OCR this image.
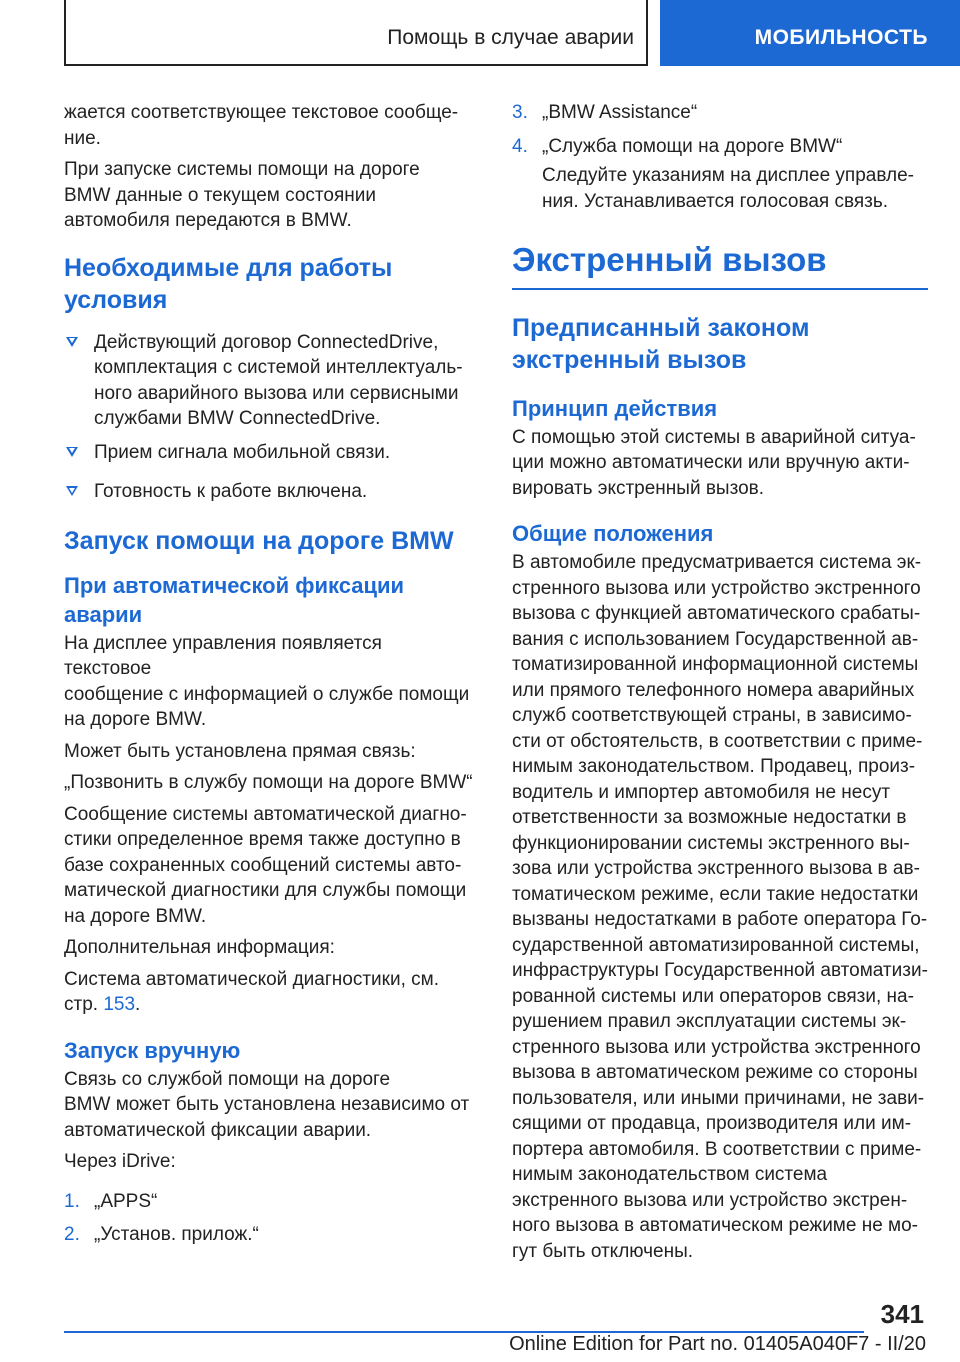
Помощь в случае аварии	МОБИЛЬНОСТЬ

жается соответствующее текстовое сообще-
ние.

При запуске системы помощи на дороге
BMW данные о текущем состоянии
автомобиля передаются в BMW.

Необходимые для работы
условия

Действующий договор ConnectedDrive,
комплектация с системой интеллектуаль-
ного аварийного вызова или сервисными
службами BMW ConnectedDrive.

Прием сигнала мобильной связи.

Готовность к работе включена.

Запуск помощи на дороге BMW
При автоматической фиксации
аварии

На дисплее управления появляется текстовое
сообщение с информацией о службе помощи
на дороге BMW.

Может быть установлена прямая связь:

„Позвонить в службу помощи на дороге BMW“

Сообщение системы автоматической диагно-
стики определенное время также доступно в
базе сохраненных сообщений системы авто-
матической диагностики для службы помощи
на дороге BMW.

Дополнительная информация:

Система автоматической диагностики, см.
стр. 153.

Запуск вручную

Связь со службой помощи на дороге
BMW может быть установлена независимо от
автоматической фиксации аварии.

Через iDrive:

1. „APPS“

2. „Установ. прилож.“

3. „BMW Assistance“

4. „Служба помощи на дороге BMW“

Следуйте указаниям на дисплее управле-
ния. Устанавливается голосовая связь.

Экстренный вызов
Предписанный законом
экстренный вызов
Принцип действия

С помощью этой системы в аварийной ситуа-
ции можно автоматически или вручную акти-
вировать экстренный вызов.

Общие положения

В автомобиле предусматривается система эк-
стренного вызова или устройство экстренного
вызова с функцией автоматического срабаты-
вания с использованием Государственной ав-
томатизированной информационной системы
или прямого телефонного номера аварийных
служб соответствующей страны, в зависимо-
сти от обстоятельств, в соответствии с приме-
нимым законодательством. Продавец, произ-
водитель и импортер автомобиля не несут
ответственности за возможные недостатки в
функционировании системы экстренного вы-
зова или устройства экстренного вызова в ав-
томатическом режиме, если такие недостатки
вызваны недостатками в работе оператора Го-
сударственной автоматизированной системы,
инфраструктуры Государственной автоматизи-
рованной системы или операторов связи, на-
рушением правил эксплуатации системы эк-
стренного вызова или устройства экстренного
вызова в автоматическом режиме со стороны
пользователя, или иными причинами, не зави-
сящими от продавца, производителя или им-
портера автомобиля. В соответствии с приме-
нимым законодательством система
экстренного вызова или устройство экстрен-
ного вызова в автоматическом режиме не мо-
гут быть отключены.

341
Online Edition for Part no. 01405A040F7 - II/20
